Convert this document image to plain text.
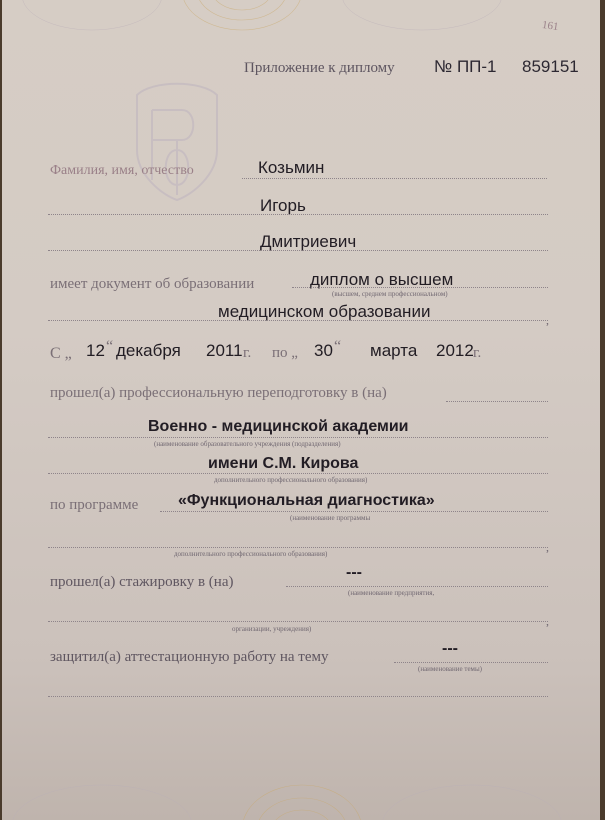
161
Приложение к диплому № ПП-1 859151
Фамилия, имя, отчество	Козьмин
Игорь
Дмитриевич
имеет документ об образовании	диплом о высшем
(высшем, среднем профессиональном)
медицинском образовании	,
С „ 12 “ декабря 2011 г. по „ 30 “ марта 2012 г.
прошел(а) профессиональную переподготовку в (на)
Военно - медицинской академии
(наименование образовательного учреждения (подразделения)
имени С.М. Кирова
дополнительного профессионального образования)
по программе «Функциональная диагностика»
(наименование программы
,
дополнительного профессионального образования)
прошел(а) стажировку в (на)
---
(наименование предприятия,
,
организации, учреждения)
защитил(а) аттестационную работу на тему	---
(наименование темы)
